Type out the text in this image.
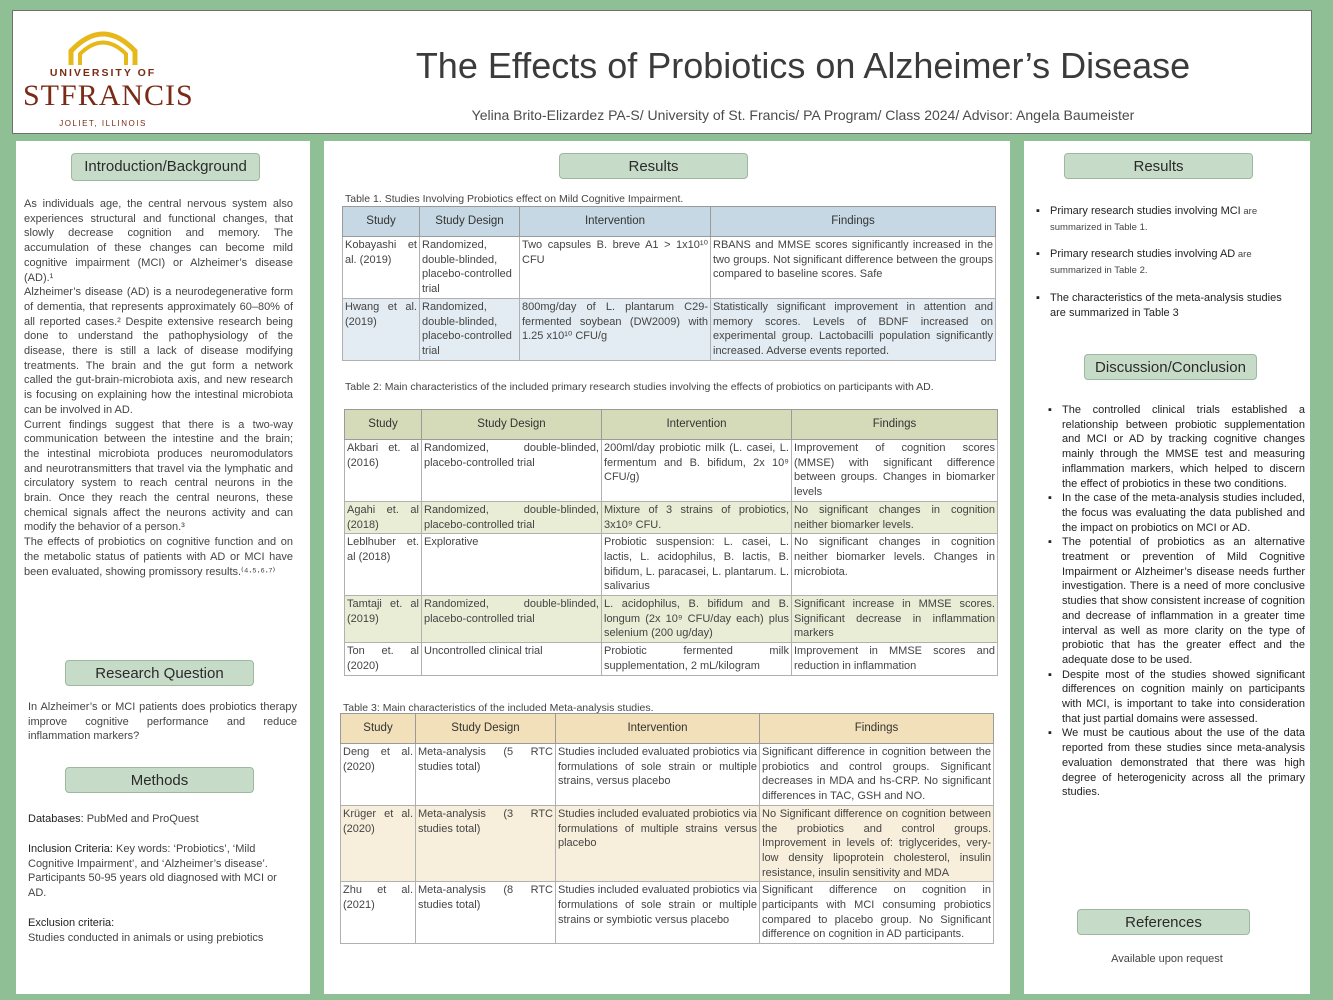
UNIVERSITY OF
STFRANCIS
JOLIET, ILLINOIS
The Effects of Probiotics on Alzheimer’s Disease
Yelina Brito-Elizardez PA-S/ University of St. Francis/ PA Program/ Class 2024/ Advisor: Angela Baumeister
Introduction/Background

As individuals age, the central nervous system also experiences structural and functional changes, that slowly decrease cognition and memory. The accumulation of these changes can become mild cognitive impairment (MCI) or Alzheimer’s disease (AD).¹

Alzheimer’s disease (AD) is a neurodegenerative form of dementia, that represents approximately 60–80% of all reported cases.² Despite extensive research being done to understand the pathophysiology of the disease, there is still a lack of disease modifying treatments. The brain and the gut form a network called the gut-brain-microbiota axis, and new research is focusing on explaining how the intestinal microbiota can be involved in AD.

Current findings suggest that there is a two-way communication between the intestine and the brain; the intestinal microbiota produces neuromodulators and neurotransmitters that travel via the lymphatic and circulatory system to reach central neurons in the brain. Once they reach the central neurons, these chemical signals affect the neurons activity and can modify the behavior of a person.³

The effects of probiotics on cognitive function and on the metabolic status of patients with AD or MCI have been evaluated, showing promissory results.⁽⁴·⁵·⁶·⁷⁾

Research Question
In Alzheimer’s or MCI patients does probiotics therapy improve cognitive performance and reduce inflammation markers?
Methods
Databases: PubMed and ProQuest
Inclusion Criteria: Key words: ‘Probiotics’, ‘Mild Cognitive Impairment’, and ‘Alzheimer’s disease’. Participants 50-95 years old diagnosed with MCI or AD.
Exclusion criteria:
Studies conducted in animals or using prebiotics
Results
Table 1. Studies Involving Probiotics effect on Mild Cognitive Impairment.
Study	Study Design	Intervention	Findings
Kobayashi et al. (2019)	Randomized, double-blinded, placebo-controlled trial	Two capsules B. breve A1 > 1x10¹⁰ CFU	RBANS and MMSE scores significantly increased in the two groups. Not significant difference between the groups compared to baseline scores. Safe
Hwang et al. (2019)	Randomized, double-blinded, placebo-controlled trial	800mg/day of L. plantarum C29-fermented soybean (DW2009) with 1.25 x10¹⁰ CFU/g	Statistically significant improvement in attention and memory scores. Levels of BDNF increased on experimental group. Lactobacilli population significantly increased. Adverse events reported.
Table 2: Main characteristics of the included primary research studies involving the effects of probiotics on participants with AD.
Study	Study Design	Intervention	Findings
Akbari et. al (2016)	Randomized, double-blinded, placebo-controlled trial	200ml/day probiotic milk (L. casei, L. fermentum and B. bifidum, 2x 10⁹ CFU/g)	Improvement of cognition scores (MMSE) with significant difference between groups. Changes in biomarker levels
Agahi et. al (2018)	Randomized, double-blinded, placebo-controlled trial	Mixture of 3 strains of probiotics, 3x10⁹ CFU.	No significant changes in cognition neither biomarker levels.
Leblhuber et. al (2018)	Explorative	Probiotic suspension: L. casei, L. lactis, L. acidophilus, B. lactis, B. bifidum, L. paracasei, L. plantarum. L. salivarius	No significant changes in cognition neither biomarker levels. Changes in microbiota.
Tamtaji et. al (2019)	Randomized, double-blinded, placebo-controlled trial	L. acidophilus, B. bifidum and B. longum (2x 10⁹ CFU/day each) plus selenium (200 ug/day)	Significant increase in MMSE scores. Significant decrease in inflammation markers
Ton et. al (2020)	Uncontrolled clinical trial	Probiotic fermented milk supplementation, 2 mL/kilogram	Improvement in MMSE scores and reduction in inflammation
Table 3: Main characteristics of the included Meta-analysis studies.
Study	Study Design	Intervention	Findings
Deng et al. (2020)	Meta-analysis (5 RTC studies total)	Studies included evaluated probiotics via formulations of sole strain or multiple strains, versus placebo	Significant difference in cognition between the probiotics and control groups. Significant decreases in MDA and hs-CRP. No significant differences in TAC, GSH and NO.
Krüger et al. (2020)	Meta-analysis (3 RTC studies total)	Studies included evaluated probiotics via formulations of multiple strains versus placebo	No Significant difference on cognition between the probiotics and control groups. Improvement in levels of: triglycerides, very-low density lipoprotein cholesterol, insulin resistance, insulin sensitivity and MDA
Zhu et al. (2021)	Meta-analysis (8 RTC studies total)	Studies included evaluated probiotics via formulations of sole strain or multiple strains or symbiotic versus placebo	Significant difference on cognition in participants with MCI consuming probiotics compared to placebo group. No Significant difference on cognition in AD participants.
Results
▪ Primary research studies involving MCI are summarized in Table 1.
▪ Primary research studies involving AD are summarized in Table 2.
▪ The characteristics of the meta-analysis studies are summarized in Table 3
Discussion/Conclusion
▪ The controlled clinical trials established a relationship between probiotic supplementation and MCI or AD by tracking cognitive changes mainly through the MMSE test and measuring inflammation markers, which helped to discern the effect of probiotics in these two conditions.
▪ In the case of the meta-analysis studies included, the focus was evaluating the data published and the impact on probiotics on MCI or AD.
▪ The potential of probiotics as an alternative treatment or prevention of Mild Cognitive Impairment or Alzheimer’s disease needs further investigation. There is a need of more conclusive studies that show consistent increase of cognition and decrease of inflammation in a greater time interval as well as more clarity on the type of probiotic that has the greater effect and the adequate dose to be used.
▪ Despite most of the studies showed significant differences on cognition mainly on participants with MCI, is important to take into consideration that just partial domains were assessed.
▪ We must be cautious about the use of the data reported from these studies since meta-analysis evaluation demonstrated that there was high degree of heterogenicity across all the primary studies.
References
Available upon request
